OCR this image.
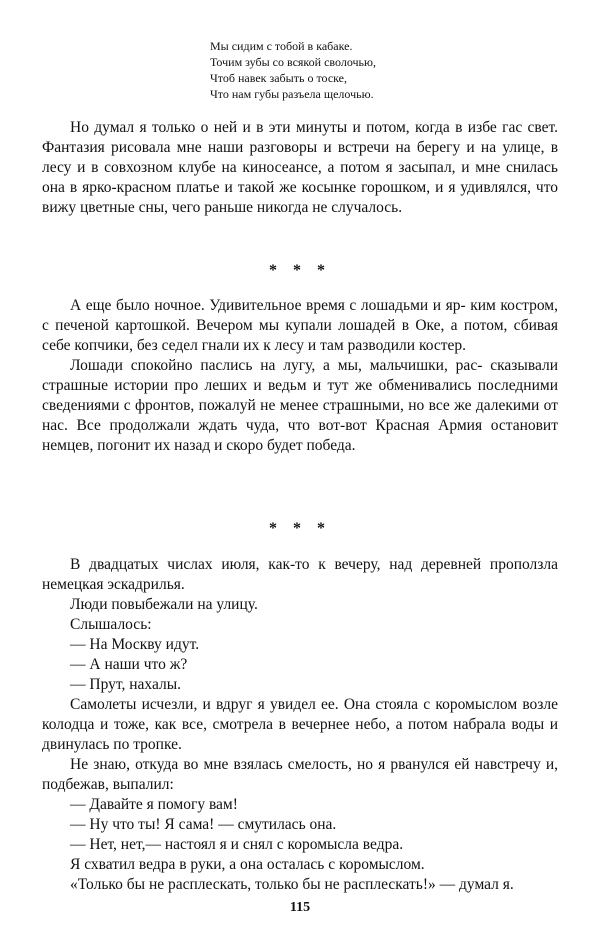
Мы сидим с тобой в кабаке.
Точим зубы со всякой сволочью,
Чтоб навек забыть о тоске,
Что нам губы разъела щелочью.

Но думал я только о ней и в эти минуты и потом, когда в избе гас свет. Фантазия рисовала мне наши разговоры и встречи на берегу и на улице, в лесу и в совхозном клубе на киносеансе, а потом я засыпал, и мне снилась она в ярко-красном платье и такой же косынке горошком, и я удивлялся, что вижу цветные сны, чего раньше никогда не случалось.

* * *

А еще было ночное. Удивительное время с лошадьми и яр- ким костром, с печеной картошкой. Вечером мы купали лошадей в Оке, а потом, сбивая себе копчики, без седел гнали их к лесу и там разводили костер.

Лошади спокойно паслись на лугу, а мы, мальчишки, рас- сказывали страшные истории про леших и ведьм и тут же обменивались последними сведениями с фронтов, пожалуй не менее страшными, но все же далекими от нас. Все продолжали ждать чуда, что вот-вот Красная Армия остановит немцев, погонит их назад и скоро будет победа.

* * *

В двадцатых числах июля, как-то к вечеру, над деревней проползла немецкая эскадрилья.

Люди повыбежали на улицу.

Слышалось:

— На Москву идут.

— А наши что ж?

— Прут, нахалы.

Самолеты исчезли, и вдруг я увидел ее. Она стояла с коромыслом возле колодца и тоже, как все, смотрела в вечернее небо, а потом набрала воды и двинулась по тропке.

Не знаю, откуда во мне взялась смелость, но я рванулся ей навстречу и, подбежав, выпалил:

— Давайте я помогу вам!

— Ну что ты! Я сама! — смутилась она.

— Нет, нет,— настоял я и снял с коромысла ведра.

Я схватил ведра в руки, а она осталась с коромыслом.

«Только бы не расплескать, только бы не расплескать!» — думал я.

115
